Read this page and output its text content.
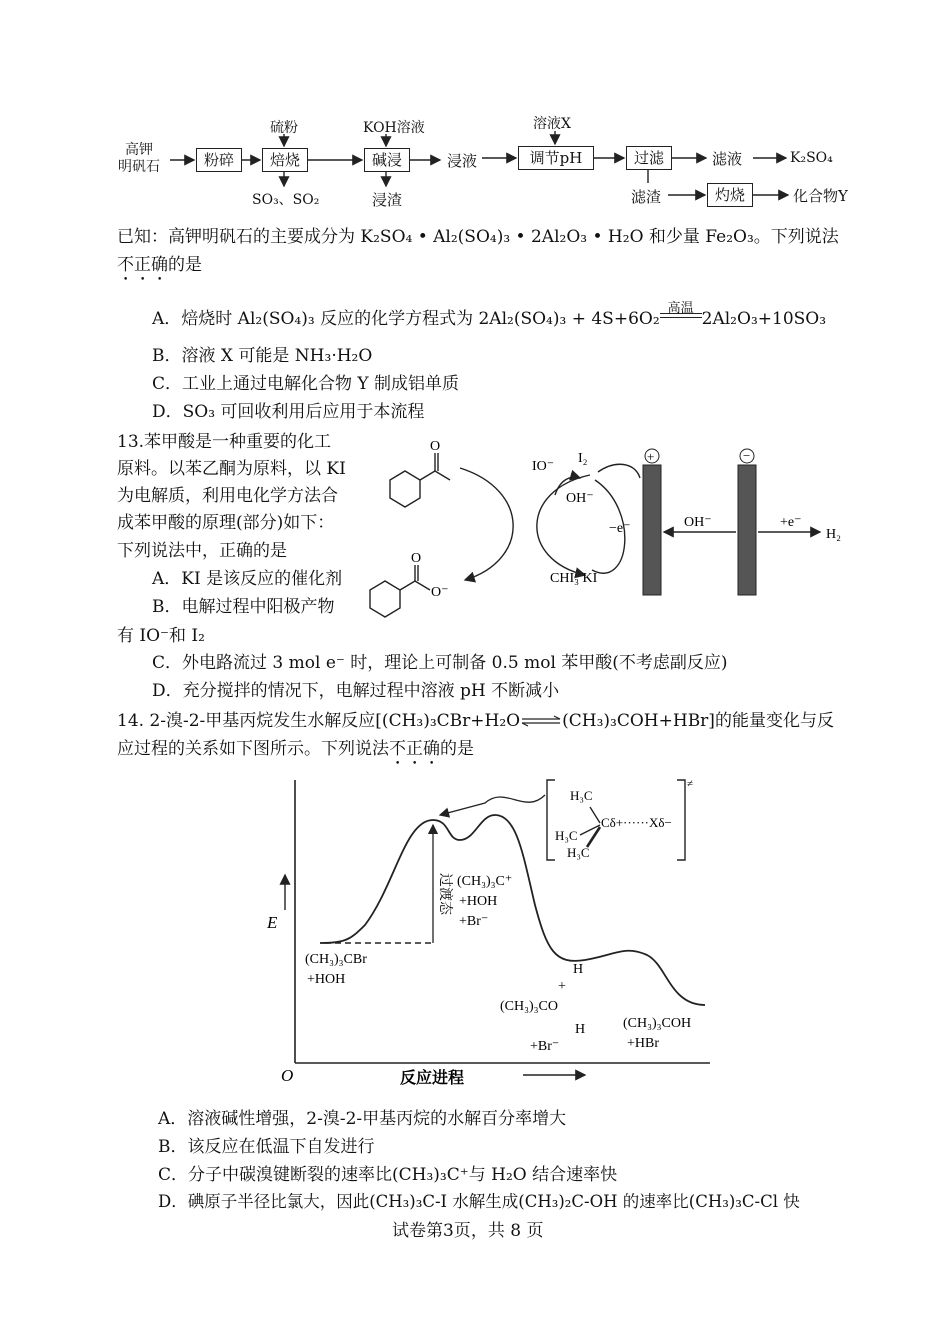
高钾
明矾石
硫粉	KOH溶液	溶液X
粉碎	焙烧	碱浸	浸液	调节pH	过滤	滤液	K₂SO₄
SO₃、SO₂	浸渣	滤渣	灼烧	化合物Y
已知：高钾明矾石的主要成分为 K₂SO₄ • Al₂(SO₄)₃ • 2Al₂O₃ • H₂O 和少量 Fe₂O₃。下列说法
不正确的是
A．焙烧时 Al₂(SO₄)₃ 反应的化学方程式为 2Al₂(SO₄)₃ + 4S+6O₂
高温
2Al₂O₃+10SO₃
B．溶液 X 可能是 NH₃·H₂O
C．工业上通过电解化合物 Y 制成铝单质
D．SO₃ 可回收利用后应用于本流程
13.苯甲酸是一种重要的化工
原料。以苯乙酮为原料，以 KI
为电解质，利用电化学方法合
成苯甲酸的原理(部分)如下：
下列说法中，正确的是
A．KI 是该反应的催化剂
B．电解过程中阳极产物
有 IO⁻和 I₂
C．外电路流过 3 mol e⁻ 时，理论上可制备 0.5 mol 苯甲酸(不考虑副反应)
D．充分搅拌的情况下，电解过程中溶液 pH 不断减小
O
O
O⁻
IO⁻
I₂
OH⁻
−e⁻
CHI₃ KI
+	−
OH⁻	+e⁻
H₂
14. 2-溴-2-甲基丙烷发生水解反应[(CH₃)₃CBr+H₂O⇌(CH₃)₃COH+HBr]的能量变化与反
应过程的关系如下图所示。下列说法不正确的是
E
O	反应进程
(CH₃)₃CBr
+HOH
过渡态 (CH₃)₃C⁺
+HOH
+Br⁻
H
+
(CH₃)₃CO
H
+Br⁻
(CH₃)₃COH
+HBr
H₃C
H₃C
H₃C
Cδ+ ······Xδ−
≠
A．溶液碱性增强，2-溴-2-甲基丙烷的水解百分率增大
B．该反应在低温下自发进行
C．分子中碳溴键断裂的速率比(CH₃)₃C⁺与 H₂O 结合速率快
D．碘原子半径比氯大，因此(CH₃)₃C-I 水解生成(CH₃)₂C-OH 的速率比(CH₃)₃C-Cl 快
试卷第3页，共 8 页
